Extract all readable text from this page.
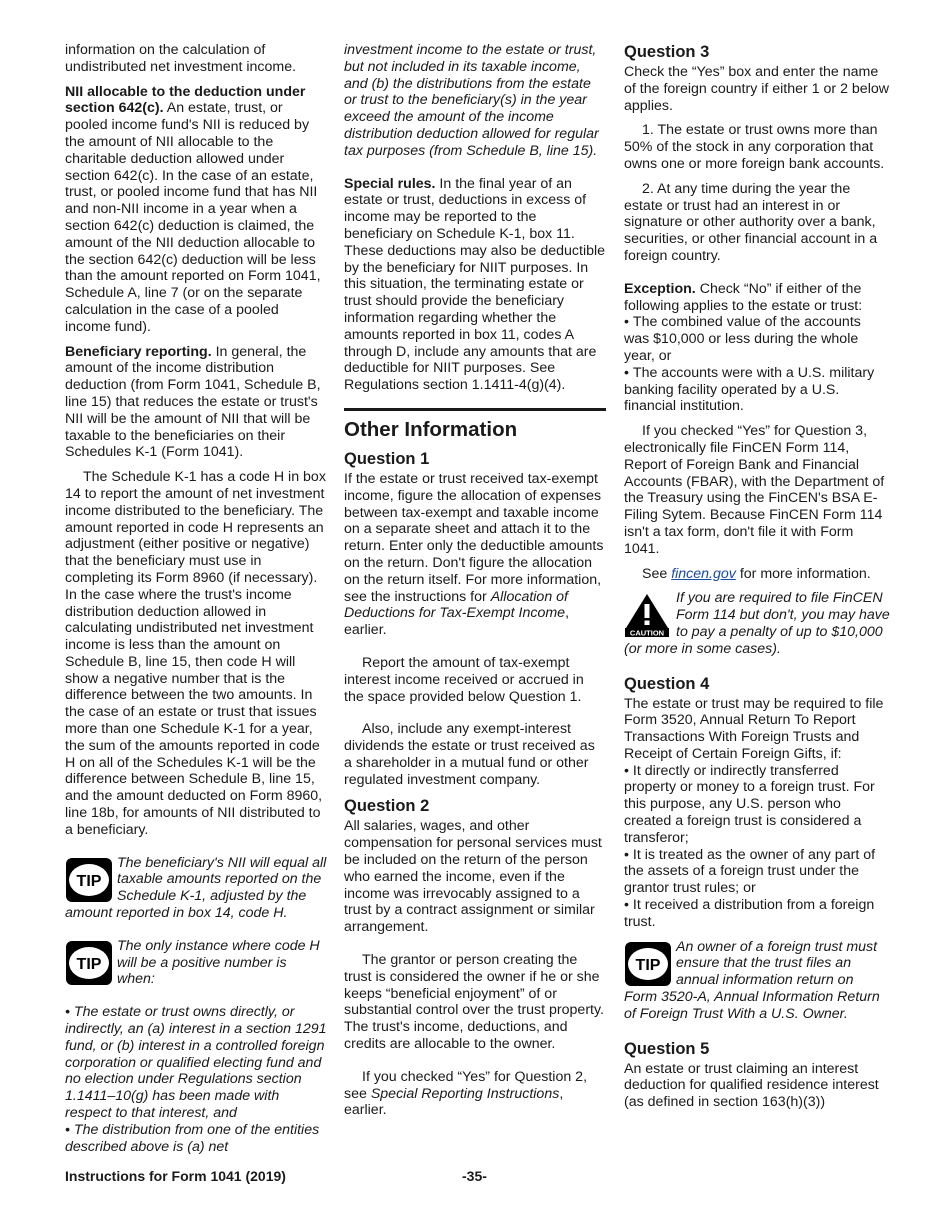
information on the calculation of undistributed net investment income.

NII allocable to the deduction under section 642(c). An estate, trust, or pooled income fund's NII is reduced by the amount of NII allocable to the charitable deduction allowed under section 642(c). In the case of an estate, trust, or pooled income fund that has NII and non-NII income in a year when a section 642(c) deduction is claimed, the amount of the NII deduction allocable to the section 642(c) deduction will be less than the amount reported on Form 1041, Schedule A, line 7 (or on the separate calculation in the case of a pooled income fund).

Beneficiary reporting. In general, the amount of the income distribution deduction (from Form 1041, Schedule B, line 15) that reduces the estate or trust's NII will be the amount of NII that will be taxable to the beneficiaries on their Schedules K-1 (Form 1041).

The Schedule K-1 has a code H in box 14 to report the amount of net investment income distributed to the beneficiary. The amount reported in code H represents an adjustment (either positive or negative) that the beneficiary must use in completing its Form 8960 (if necessary). In the case where the trust's income distribution deduction allowed in calculating undistributed net investment income is less than the amount on Schedule B, line 15, then code H will show a negative number that is the difference between the two amounts. In the case of an estate or trust that issues more than one Schedule K-1 for a year, the sum of the amounts reported in code H on all of the Schedules K-1 will be the difference between Schedule B, line 15, and the amount deducted on Form 8960, line 18b, for amounts of NII distributed to a beneficiary.

TIP

The beneficiary's NII will equal all taxable amounts reported on the Schedule K-1, adjusted by the amount reported in box 14, code H.

TIP

The only instance where code H will be a positive number is when:

• The estate or trust owns directly, or indirectly, an (a) interest in a section 1291 fund, or (b) interest in a controlled foreign corporation or qualified electing fund and no election under Regulations section 1.1411–10(g) has been made with respect to that interest, and

• The distribution from one of the entities described above is (a) net

investment income to the estate or trust, but not included in its taxable income, and (b) the distributions from the estate or trust to the beneficiary(s) in the year exceed the amount of the income distribution deduction allowed for regular tax purposes (from Schedule B, line 15).

Special rules. In the final year of an estate or trust, deductions in excess of income may be reported to the beneficiary on Schedule K-1, box 11. These deductions may also be deductible by the beneficiary for NIIT purposes. In this situation, the terminating estate or trust should provide the beneficiary information regarding whether the amounts reported in box 11, codes A through D, include any amounts that are deductible for NIIT purposes. See Regulations section 1.1411-4(g)(4).

Other Information
Question 1

If the estate or trust received tax-exempt income, figure the allocation of expenses between tax-exempt and taxable income on a separate sheet and attach it to the return. Enter only the deductible amounts on the return. Don't figure the allocation on the return itself. For more information, see the instructions for Allocation of Deductions for Tax-Exempt Income, earlier.

Report the amount of tax-exempt interest income received or accrued in the space provided below Question 1.

Also, include any exempt-interest dividends the estate or trust received as a shareholder in a mutual fund or other regulated investment company.

Question 2

All salaries, wages, and other compensation for personal services must be included on the return of the person who earned the income, even if the income was irrevocably assigned to a trust by a contract assignment or similar arrangement.

The grantor or person creating the trust is considered the owner if he or she keeps “beneficial enjoyment” of or substantial control over the trust property. The trust's income, deductions, and credits are allocable to the owner.

If you checked “Yes” for Question 2, see Special Reporting Instructions, earlier.

Question 3

Check the “Yes” box and enter the name of the foreign country if either 1 or 2 below applies.

1. The estate or trust owns more than 50% of the stock in any corporation that owns one or more foreign bank accounts.

2. At any time during the year the estate or trust had an interest in or signature or other authority over a bank, securities, or other financial account in a foreign country.

Exception. Check “No” if either of the following applies to the estate or trust:

• The combined value of the accounts was $10,000 or less during the whole year, or

• The accounts were with a U.S. military banking facility operated by a U.S. financial institution.

If you checked “Yes” for Question 3, electronically file FinCEN Form 114, Report of Foreign Bank and Financial Accounts (FBAR), with the Department of the Treasury using the FinCEN's BSA E-Filing Sytem. Because FinCEN Form 114 isn't a tax form, don't file it with Form 1041.

See fincen.gov for more information.

CAUTION

If you are required to file FinCEN Form 114 but don't, you may have to pay a penalty of up to $10,000 (or more in some cases).

Question 4

The estate or trust may be required to file Form 3520, Annual Return To Report Transactions With Foreign Trusts and Receipt of Certain Foreign Gifts, if:

• It directly or indirectly transferred property or money to a foreign trust. For this purpose, any U.S. person who created a foreign trust is considered a transferor;

• It is treated as the owner of any part of the assets of a foreign trust under the grantor trust rules; or

• It received a distribution from a foreign trust.

TIP

An owner of a foreign trust must ensure that the trust files an annual information return on Form 3520-A, Annual Information Return of Foreign Trust With a U.S. Owner.

Question 5

An estate or trust claiming an interest deduction for qualified residence interest (as defined in section 163(h)(3))

Instructions for Form 1041 (2019)	-35-
